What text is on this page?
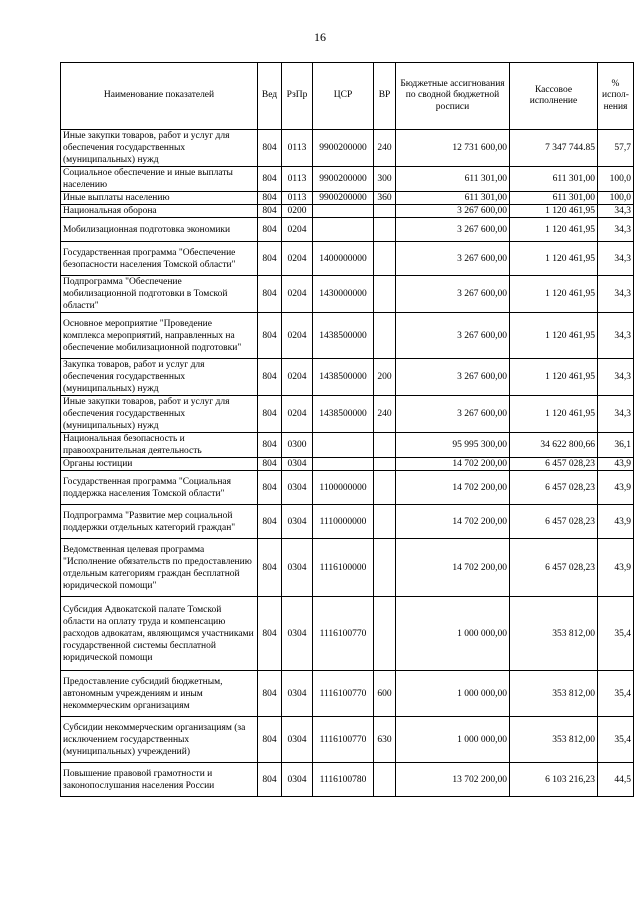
16
Наименование показателей	Вед	РзПр	ЦСР	ВР	Бюджетные ассигнования по сводной бюджетной росписи	Кассовое исполнение	% испол- нения
Иные закупки товаров, работ и услуг для обеспечения государственных (муниципальных) нужд	804	0113	9900200000	240	12 731 600,00	7 347 744.85	57,7
Социальное обеспечение и иные выплаты населению	804	0113	9900200000	300	611 301,00	611 301,00	100,0
Иные выплаты населению	804	0113	9900200000	360	611 301,00	611 301,00	100,0
Национальная оборона	804	0200			3 267 600,00	1 120 461,95	34,3
Мобилизационная подготовка экономики	804	0204			3 267 600,00	1 120 461,95	34,3
Государственная программа "Обеспечение безопасности населения Томской области"	804	0204	1400000000		3 267 600,00	1 120 461,95	34,3
Подпрограмма "Обеспечение мобилизационной подготовки в Томской области"	804	0204	1430000000		3 267 600,00	1 120 461,95	34,3
Основное мероприятие "Проведение комплекса мероприятий, направленных на обеспечение мобилизационной подготовки"	804	0204	1438500000		3 267 600,00	1 120 461,95	34,3
Закупка товаров, работ и услуг для обеспечения государственных (муниципальных) нужд	804	0204	1438500000	200	3 267 600,00	1 120 461,95	34,3
Иные закупки товаров, работ и услуг для обеспечения государственных (муниципальных) нужд	804	0204	1438500000	240	3 267 600,00	1 120 461,95	34,3
Национальная безопасность и правоохранительная деятельность	804	0300			95 995 300,00	34 622 800,66	36,1
Органы юстиции	804	0304			14 702 200,00	6 457 028,23	43,9
Государственная программа "Социальная поддержка населения Томской области"	804	0304	1100000000		14 702 200,00	6 457 028,23	43,9
Подпрограмма "Развитие мер социальной поддержки отдельных категорий граждан"	804	0304	1110000000		14 702 200,00	6 457 028,23	43,9
Ведомственная целевая программа "Исполнение обязательств по предоставлению отдельным категориям граждан бесплатной юридической помощи"	804	0304	1116100000		14 702 200,00	6 457 028,23	43,9
Субсидия Адвокатской палате Томской области на оплату труда и компенсацию расходов адвокатам, являющимся участниками государственной системы бесплатной юридической помощи	804	0304	1116100770		1 000 000,00	353 812,00	35,4
Предоставление субсидий бюджетным, автономным учреждениям и иным некоммерческим организациям	804	0304	1116100770	600	1 000 000,00	353 812,00	35,4
Субсидии некоммерческим организациям (за исключением государственных (муниципальных) учреждений)	804	0304	1116100770	630	1 000 000,00	353 812,00	35,4
Повышение правовой грамотности и законопослушания населения России	804	0304	1116100780		13 702 200,00	6 103 216,23	44,5
